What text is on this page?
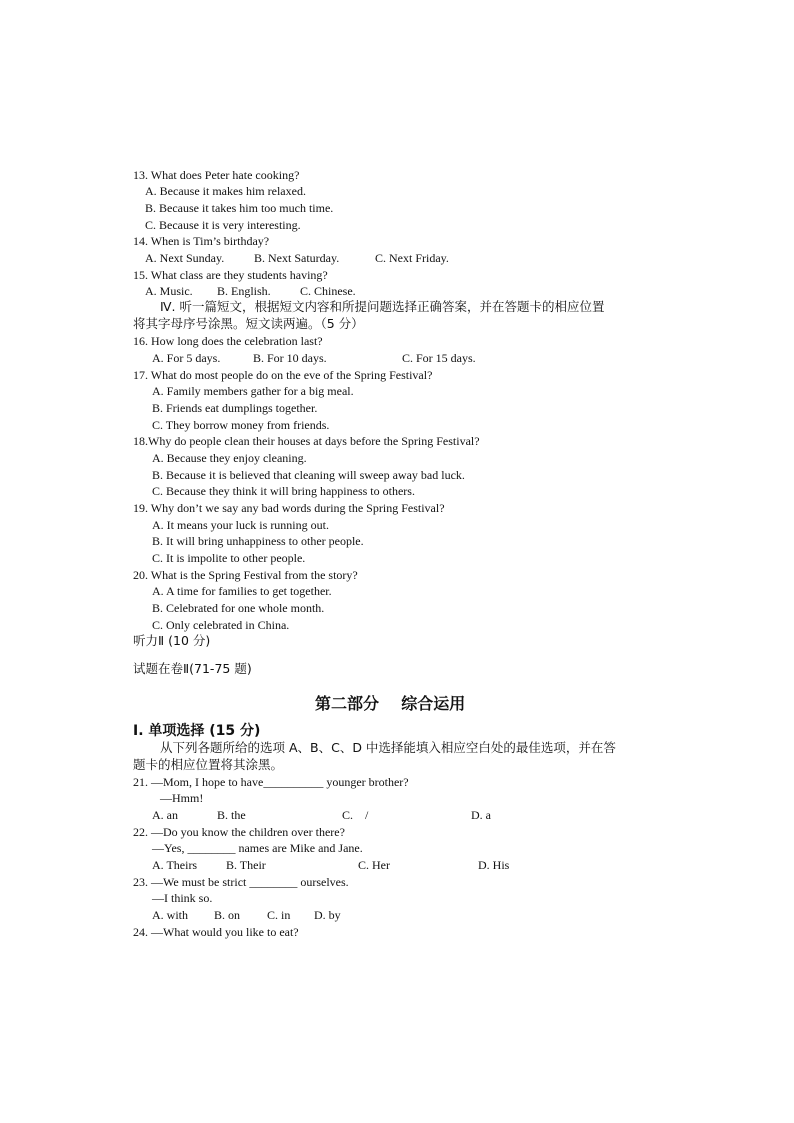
13. What does Peter hate cooking?
A. Because it makes him relaxed.
B. Because it takes him too much time.
C. Because it is very interesting.
14. When is Tim’s birthday?
A. Next Sunday. B. Next Saturday.	C. Next Friday.
15. What class are they students having?
A. Music. B. English. C. Chinese.
Ⅳ. 听一篇短文，根据短文内容和所提问题选择正确答案，并在答题卡的相应位置
将其字母序号涂黑。短文读两遍。（5 分）
16. How long does the celebration last?
A. For 5 days.	B. For 10 days.	C. For 15 days.
17. What do most people do on the eve of the Spring Festival?
A. Family members gather for a big meal.
B. Friends eat dumplings together.
C. They borrow money from friends.
18.Why do people clean their houses at days before the Spring Festival?
A. Because they enjoy cleaning.
B. Because it is believed that cleaning will sweep away bad luck.
C. Because they think it will bring happiness to others.
19. Why don’t we say any bad words during the Spring Festival?
A. It means your luck is running out.
B. It will bring unhappiness to other people.
C. It is impolite to other people.
20. What is the Spring Festival from the story?
A. A time for families to get together.
B. Celebrated for one whole month.
C. Only celebrated in China.
听力Ⅱ (10 分)
试题在卷Ⅱ(71-75 题)
第二部分    综合运用
Ⅰ. 单项选择 (15 分)
从下列各题所给的选项 A、B、C、D 中选择能填入相应空白处的最佳选项，并在答
题卡的相应位置将其涂黑。
21. —Mom, I hope to have__________ younger brother?
—Hmm!
A. an	B. the	C.    /	D. a
22. —Do you know the children over there?
—Yes, ________ names are Mike and Jane.
A. Theirs B. Their	C. Her	D. His
23. —We must be strict ________ ourselves.
—I think so.
A. with B. on C. in D. by
24. —What would you like to eat?
